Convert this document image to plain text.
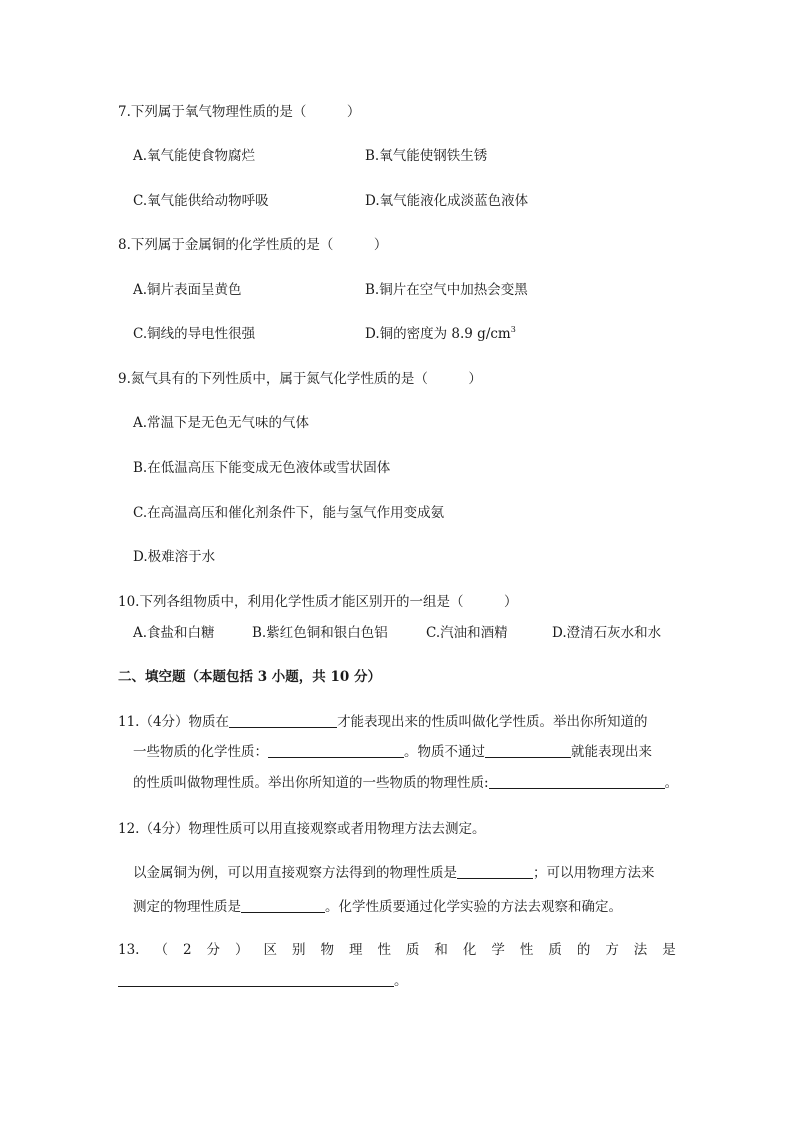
7.下列属于氧气物理性质的是（　　　）
A.氧气能使食物腐烂	B.氧气能使钢铁生锈
C.氧气能供给动物呼吸	D.氧气能液化成淡蓝色液体
8.下列属于金属铜的化学性质的是（　　　）
A.铜片表面呈黄色	B.铜片在空气中加热会变黑
C.铜线的导电性很强	D.铜的密度为 8.9 $g/cm^3$
9.氮气具有的下列性质中，属于氮气化学性质的是（　　　）
A.常温下是无色无气味的气体
B.在低温高压下能变成无色液体或雪状固体
C.在高温高压和催化剂条件下，能与氢气作用变成氨
D.极难溶于水
10.下列各组物质中，利用化学性质才能区别开的一组是（　　　）
A.食盐和白糖	B.紫红色铜和银白色铝	C.汽油和酒精	D.澄清石灰水和水
二、填空题（本题包括 3 小题，共 10 分）
11.（4分）物质在	才能表现出来的性质叫做化学性质。举出你所知道的
一些物质的化学性质：	。物质不通过	就能表现出来
的性质叫做物理性质。举出你所知道的一些物质的物理性质:	。
12.（4分）物理性质可以用直接观察或者用物理方法去测定。
以金属铜为例，可以用直接观察方法得到的物理性质是	；可以用物理方法来
测定的物理性质是	。化学性质要通过化学实验的方法去观察和确定。
13. （ 2 分 ） 区 别 物 理 性 质 和 化 学 性 质 的 方 法 是
。
